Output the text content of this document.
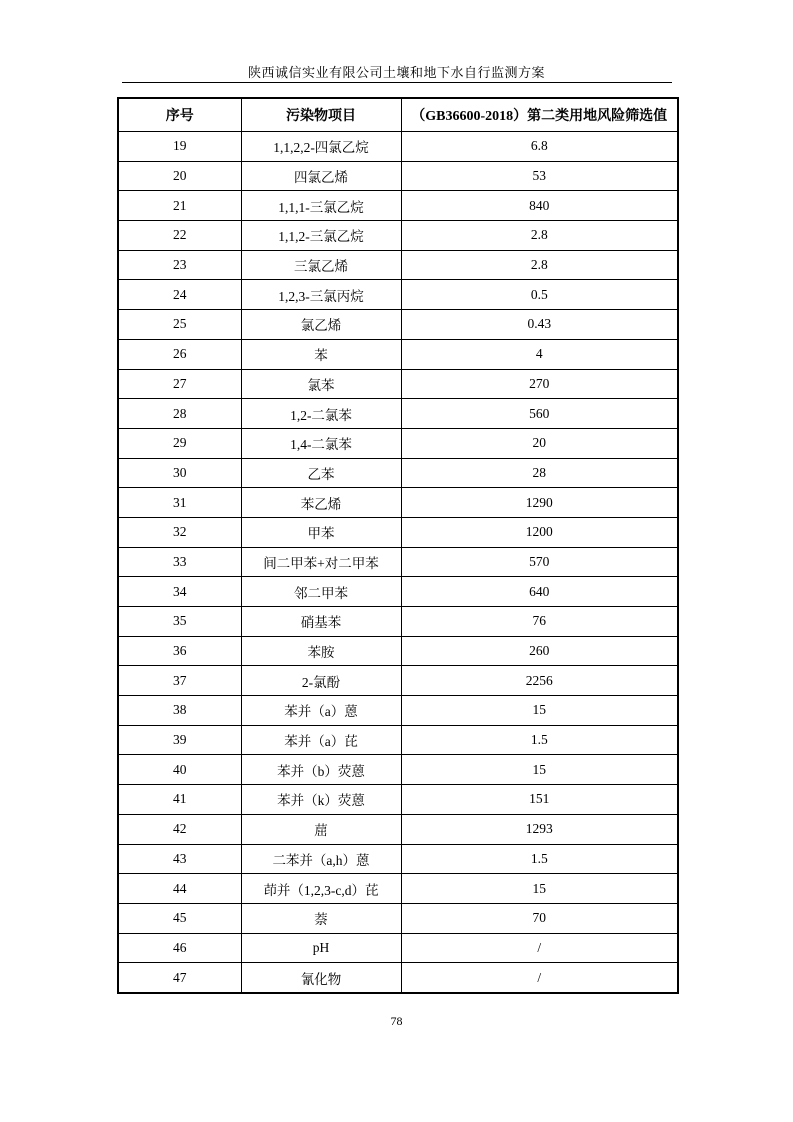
陕西诚信实业有限公司土壤和地下水自行监测方案
序号	污染物项目	（GB36600-2018）第二类用地风险筛选值
19	1,1,2,2-四氯乙烷	6.8
20	四氯乙烯	53
21	1,1,1-三氯乙烷	840
22	1,1,2-三氯乙烷	2.8
23	三氯乙烯	2.8
24	1,2,3-三氯丙烷	0.5
25	氯乙烯	0.43
26	苯	4
27	氯苯	270
28	1,2-二氯苯	560
29	1,4-二氯苯	20
30	乙苯	28
31	苯乙烯	1290
32	甲苯	1200
33	间二甲苯+对二甲苯	570
34	邻二甲苯	640
35	硝基苯	76
36	苯胺	260
37	2-氯酚	2256
38	苯并（a）蒽	15
39	苯并（a）芘	1.5
40	苯并（b）荧蒽	15
41	苯并（k）荧蒽	151
42	䓛	1293
43	二苯并（a,h）蒽	1.5
44	茚并（1,2,3-c,d）芘	15
45	萘	70
46	pH	/
47	氰化物	/
78
